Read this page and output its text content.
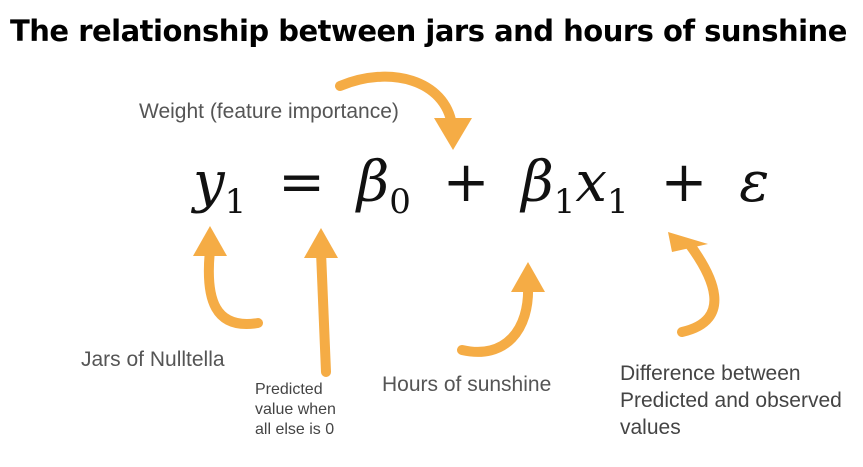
The relationship between jars and hours of sunshine
$y_1 = \beta_0 + \beta_1x_1 + \varepsilon$
Weight (feature importance)
Jars of Nulltella
Predicted
value when
all else is 0
Hours of sunshine	Difference between
Predicted and observed
values
